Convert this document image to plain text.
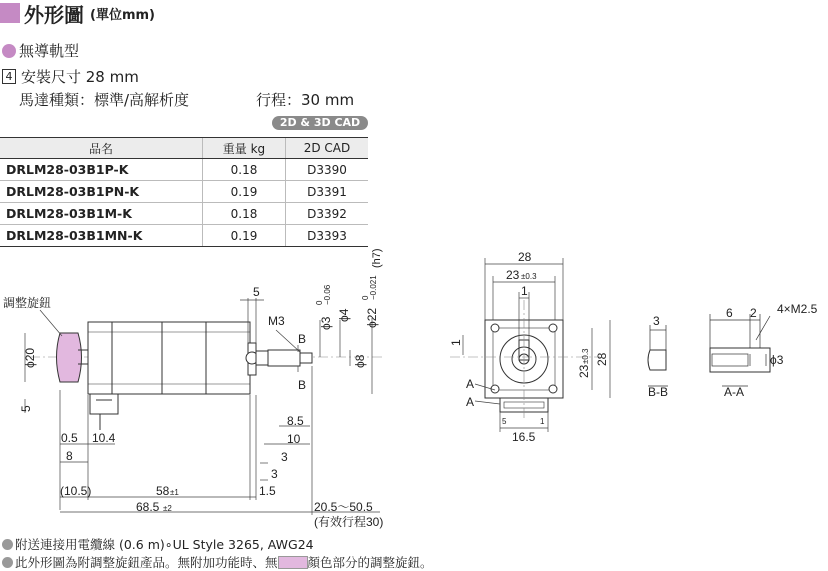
外形圖 (單位mm)
無導軌型
4 安裝尺寸 28 mm
馬達種類：標準/高解析度	行程：30 mm
2D & 3D CAD
品名	重量 kg	2D CAD
DRLM28-03B1P-K	0.18	D3390
DRLM28-03B1PN-K	0.19	D3391
DRLM28-03B1M-K	0.18	D3392
DRLM28-03B1MN-K	0.19	D3393
調整旋鈕
5
M3
B
B
ϕ3
0 −0.06
ϕ4 ϕ22
0 −0.021
(h7)
ϕ8
ϕ20
5
8.5
10
3
3
0.5 10.4
8
(10.5)	58 ±1	1.5
68.5 ±2	20.5～50.5
(有效行程30)
28
23 ±0.3
1
1
23
±0.3 28
A
A
5	1
16.5
3
B-B
6 2 4×M2.5
ϕ3
A-A
附送連接用電纜線 (0.6 m)∘UL Style 3265, AWG24
此外形圖為附調整旋鈕產品。無附加功能時、無 顏色部分的調整旋鈕。
